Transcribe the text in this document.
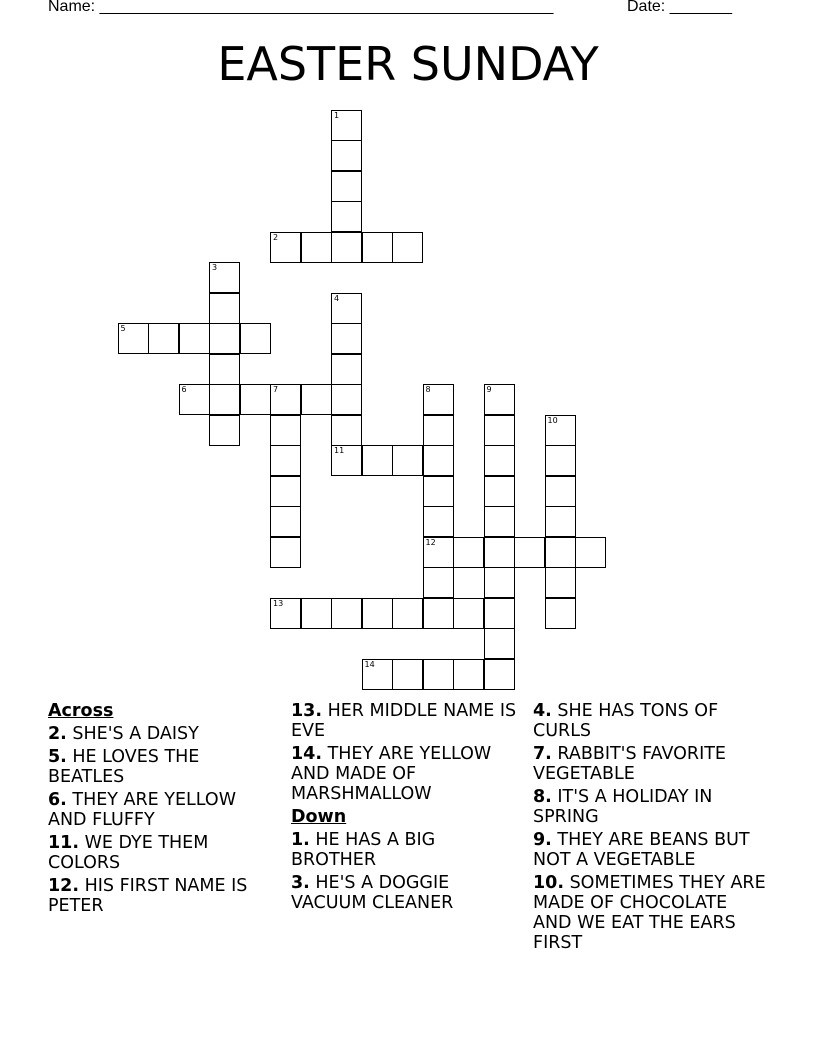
Name: ___________________________________________________	Date: _______
EASTER SUNDAY
1
2
3
4
11
5
6	7	8
12
9
10
13
14
Across
2. SHE'S A DAISY
5. HE LOVES THE BEATLES
6. THEY ARE YELLOW AND FLUFFY
11. WE DYE THEM COLORS
12. HIS FIRST NAME IS PETER
13. HER MIDDLE NAME IS EVE
14. THEY ARE YELLOW AND MADE OF MARSHMALLOW
Down
1. HE HAS A BIG BROTHER
3. HE'S A DOGGIE VACUUM CLEANER
4. SHE HAS TONS OF CURLS
7. RABBIT'S FAVORITE VEGETABLE
8. IT'S A HOLIDAY IN SPRING
9. THEY ARE BEANS BUT NOT A VEGETABLE
10. SOMETIMES THEY ARE MADE OF CHOCOLATE AND WE EAT THE EARS FIRST
